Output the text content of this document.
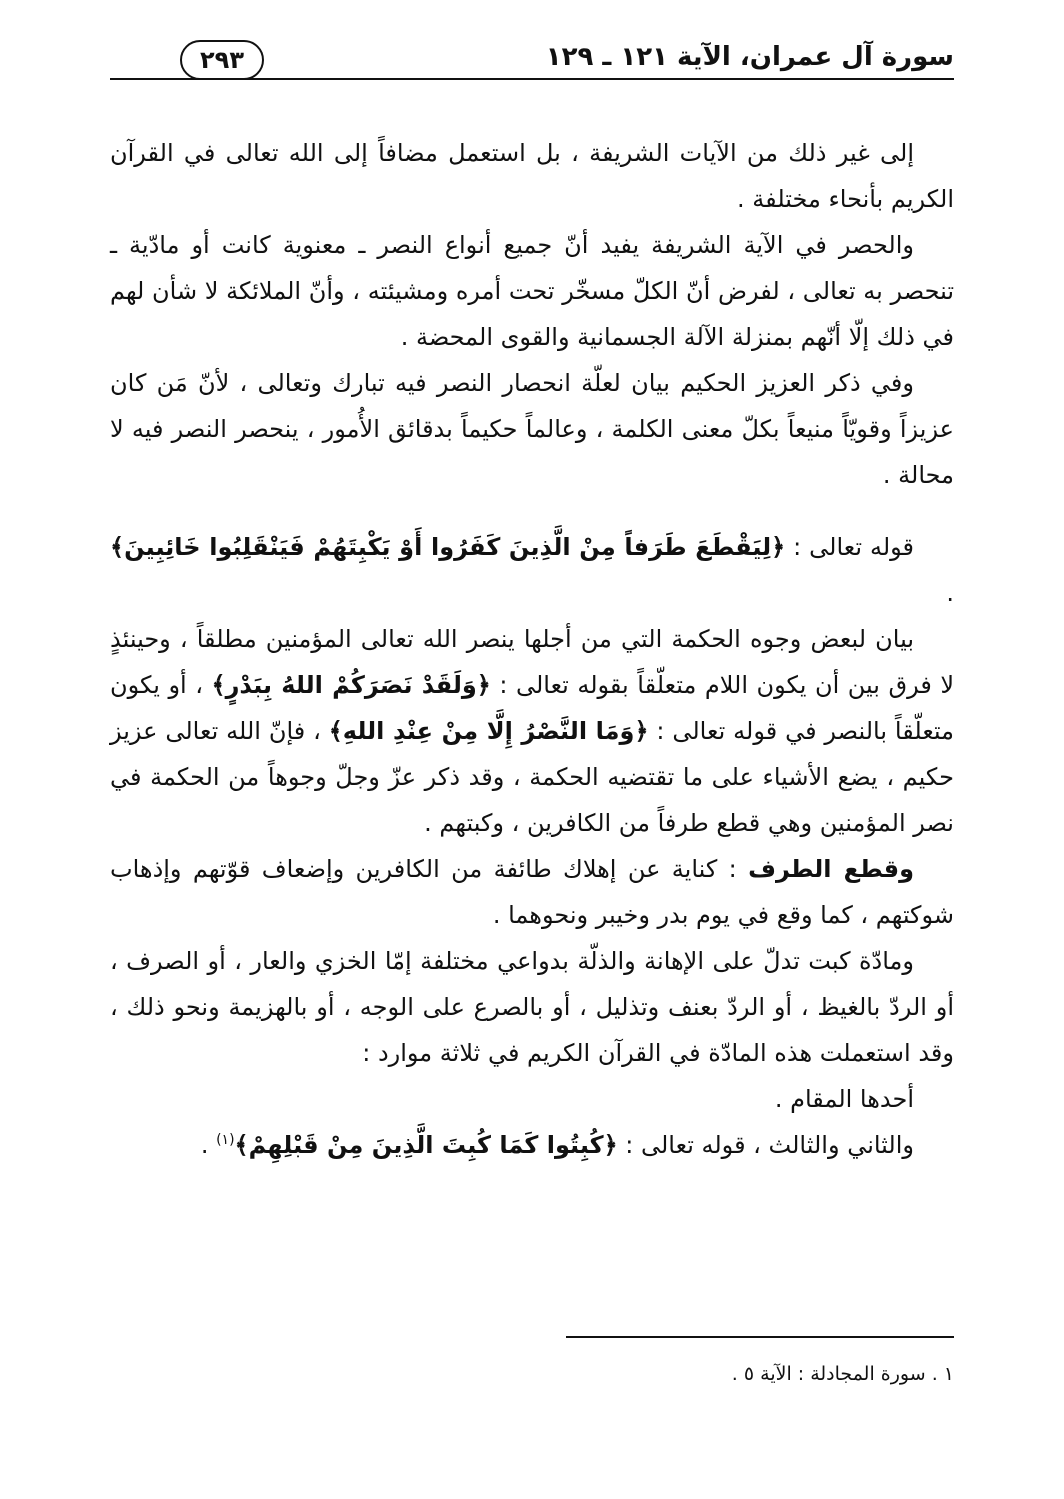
سورة آل عمران، الآية ١٢١ ـ ١٢٩
٢٩٣

إلى غير ذلك من الآيات الشريفة ، بل استعمل مضافاً إلى الله تعالى في القرآن الكريم بأنحاء مختلفة .

والحصر في الآية الشريفة يفيد أنّ جميع أنواع النصر ـ معنوية كانت أو مادّية ـ تنحصر به تعالى ، لفرض أنّ الكلّ مسخّر تحت أمره ومشيئته ، وأنّ الملائكة لا شأن لهم في ذلك إلّا أنّهم بمنزلة الآلة الجسمانية والقوى المحضة .

وفي ذكر العزيز الحكيم بيان لعلّة انحصار النصر فيه تبارك وتعالى ، لأنّ مَن كان عزيزاً وقويّاً منيعاً بكلّ معنى الكلمة ، وعالماً حكيماً بدقائق الأُمور ، ينحصر النصر فيه لا محالة .

قوله تعالى : ﴿لِيَقْطَعَ طَرَفاً مِنْ الَّذِينَ كَفَرُوا أَوْ يَكْبِتَهُمْ فَيَنْقَلِبُوا خَائِبِينَ﴾ .

بيان لبعض وجوه الحكمة التي من أجلها ينصر الله تعالى المؤمنين مطلقاً ، وحينئذٍ لا فرق بين أن يكون اللام متعلّقاً بقوله تعالى : ﴿وَلَقَدْ نَصَرَكُمْ اللهُ بِبَدْرٍ﴾ ، أو يكون متعلّقاً بالنصر في قوله تعالى : ﴿وَمَا النَّصْرُ إِلَّا مِنْ عِنْدِ اللهِ﴾ ، فإنّ الله تعالى عزيز حكيم ، يضع الأشياء على ما تقتضيه الحكمة ، وقد ذكر عزّ وجلّ وجوهاً من الحكمة في نصر المؤمنين وهي قطع طرفاً من الكافرين ، وكبتهم .

وقطع الطرف : كناية عن إهلاك طائفة من الكافرين وإضعاف قوّتهم وإذهاب شوكتهم ، كما وقع في يوم بدر وخيبر ونحوهما .

ومادّة كبت تدلّ على الإهانة والذلّة بدواعي مختلفة إمّا الخزي والعار ، أو الصرف ، أو الردّ بالغيظ ، أو الردّ بعنف وتذليل ، أو بالصرع على الوجه ، أو بالهزيمة ونحو ذلك ، وقد استعملت هذه المادّة في القرآن الكريم في ثلاثة موارد :

أحدها المقام .

والثاني والثالث ، قوله تعالى : ﴿كُبِتُوا كَمَا كُبِتَ الَّذِينَ مِنْ قَبْلِهِمْ﴾$^{(١)}$ .

١ . سورة المجادلة : الآية ٥ .
